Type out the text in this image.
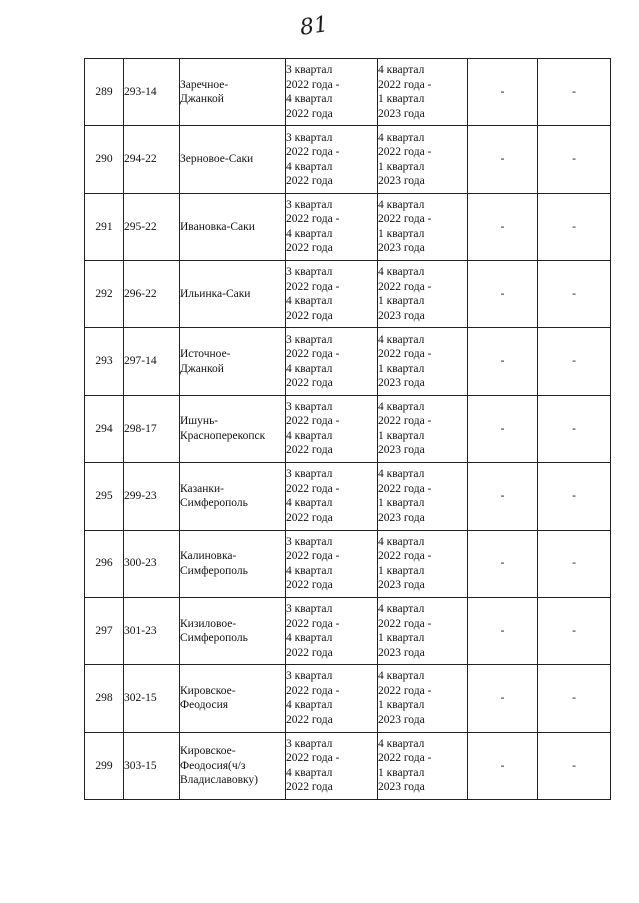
81
289	293-14	Заречное-
Джанкой	3 квартал
2022 года -
4 квартал
2022 года	4 квартал
2022 года -
1 квартал
2023 года	-	-

290	294-22	Зерновое-Саки	3 квартал
2022 года -
4 квартал
2022 года	4 квартал
2022 года -
1 квартал
2023 года	-	-

291	295-22	Ивановка-Саки	3 квартал
2022 года -
4 квартал
2022 года	4 квартал
2022 года -
1 квартал
2023 года	-	-

292	296-22	Ильинка-Саки	3 квартал
2022 года -
4 квартал
2022 года	4 квартал
2022 года -
1 квартал
2023 года	-	-

293	297-14	Источное-
Джанкой	3 квартал
2022 года -
4 квартал
2022 года	4 квартал
2022 года -
1 квартал
2023 года	-	-

294	298-17	Ишунь-
Красноперекопск	3 квартал
2022 года -
4 квартал
2022 года	4 квартал
2022 года -
1 квартал
2023 года	-	-

295	299-23	Казанки-
Симферополь	3 квартал
2022 года -
4 квартал
2022 года	4 квартал
2022 года -
1 квартал
2023 года	-	-

296	300-23	Калиновка-
Симферополь	3 квартал
2022 года -
4 квартал
2022 года	4 квартал
2022 года -
1 квартал
2023 года	-	-

297	301-23	Кизиловое-
Симферополь	3 квартал
2022 года -
4 квартал
2022 года	4 квартал
2022 года -
1 квартал
2023 года	-	-

298	302-15	Кировское-
Феодосия	3 квартал
2022 года -
4 квартал
2022 года	4 квартал
2022 года -
1 квартал
2023 года	-	-

299	303-15	Кировское-
Феодосия(ч/з
Владиславовку)	3 квартал
2022 года -
4 квартал
2022 года	4 квартал
2022 года -
1 квартал
2023 года	-	-
